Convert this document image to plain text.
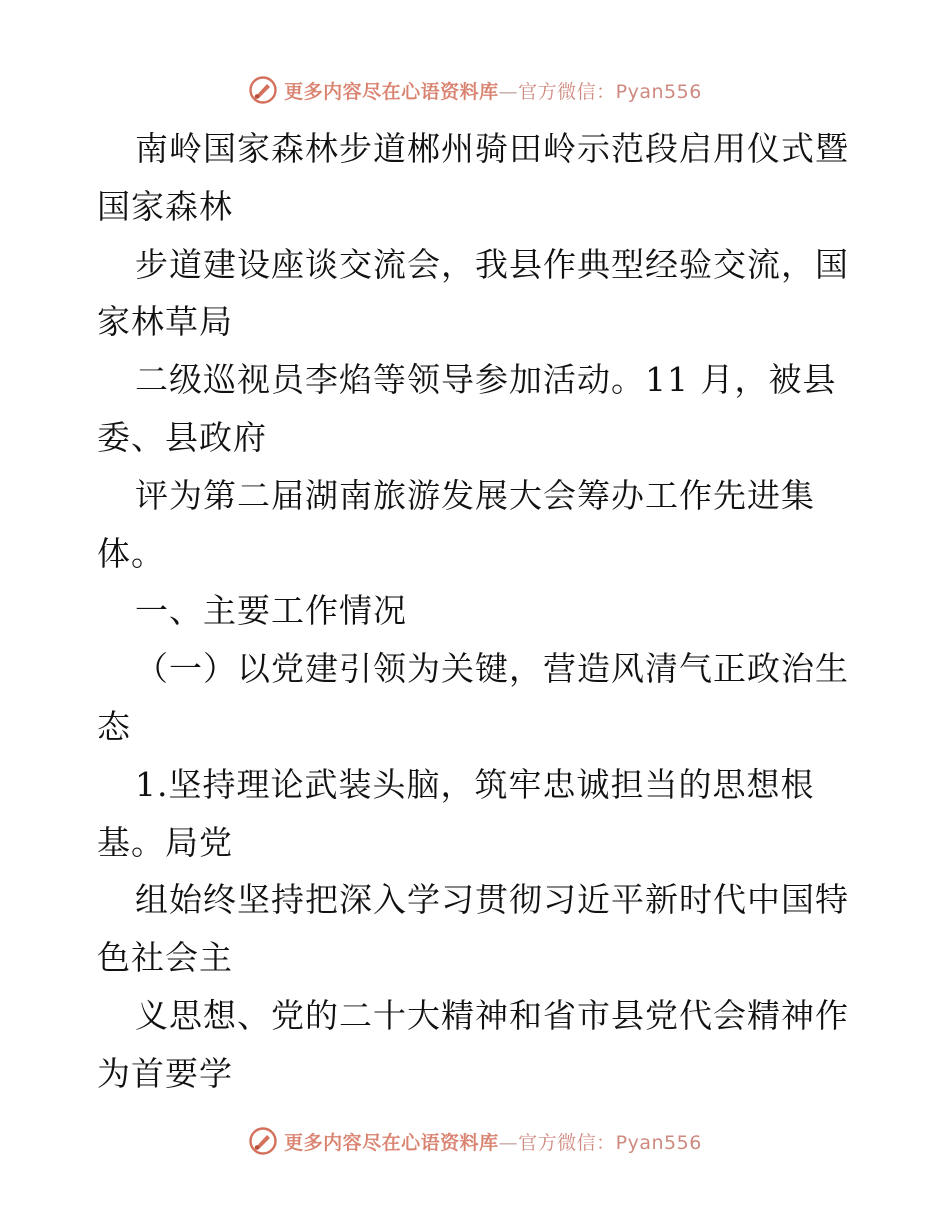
更多内容尽在心语资料库—官方微信：Pyan556
南岭国家森林步道郴州骑田岭示范段启用仪式暨
国家森林
步道建设座谈交流会，我县作典型经验交流，国
家林草局
二级巡视员李焰等领导参加活动。11 月，被县
委、县政府
评为第二届湖南旅游发展大会筹办工作先进集
体。
一、主要工作情况
（一）以党建引领为关键，营造风清气正政治生
态
1.坚持理论武装头脑，筑牢忠诚担当的思想根
基。局党
组始终坚持把深入学习贯彻习近平新时代中国特
色社会主
义思想、党的二十大精神和省市县党代会精神作
为首要学
更多内容尽在心语资料库—官方微信：Pyan556
